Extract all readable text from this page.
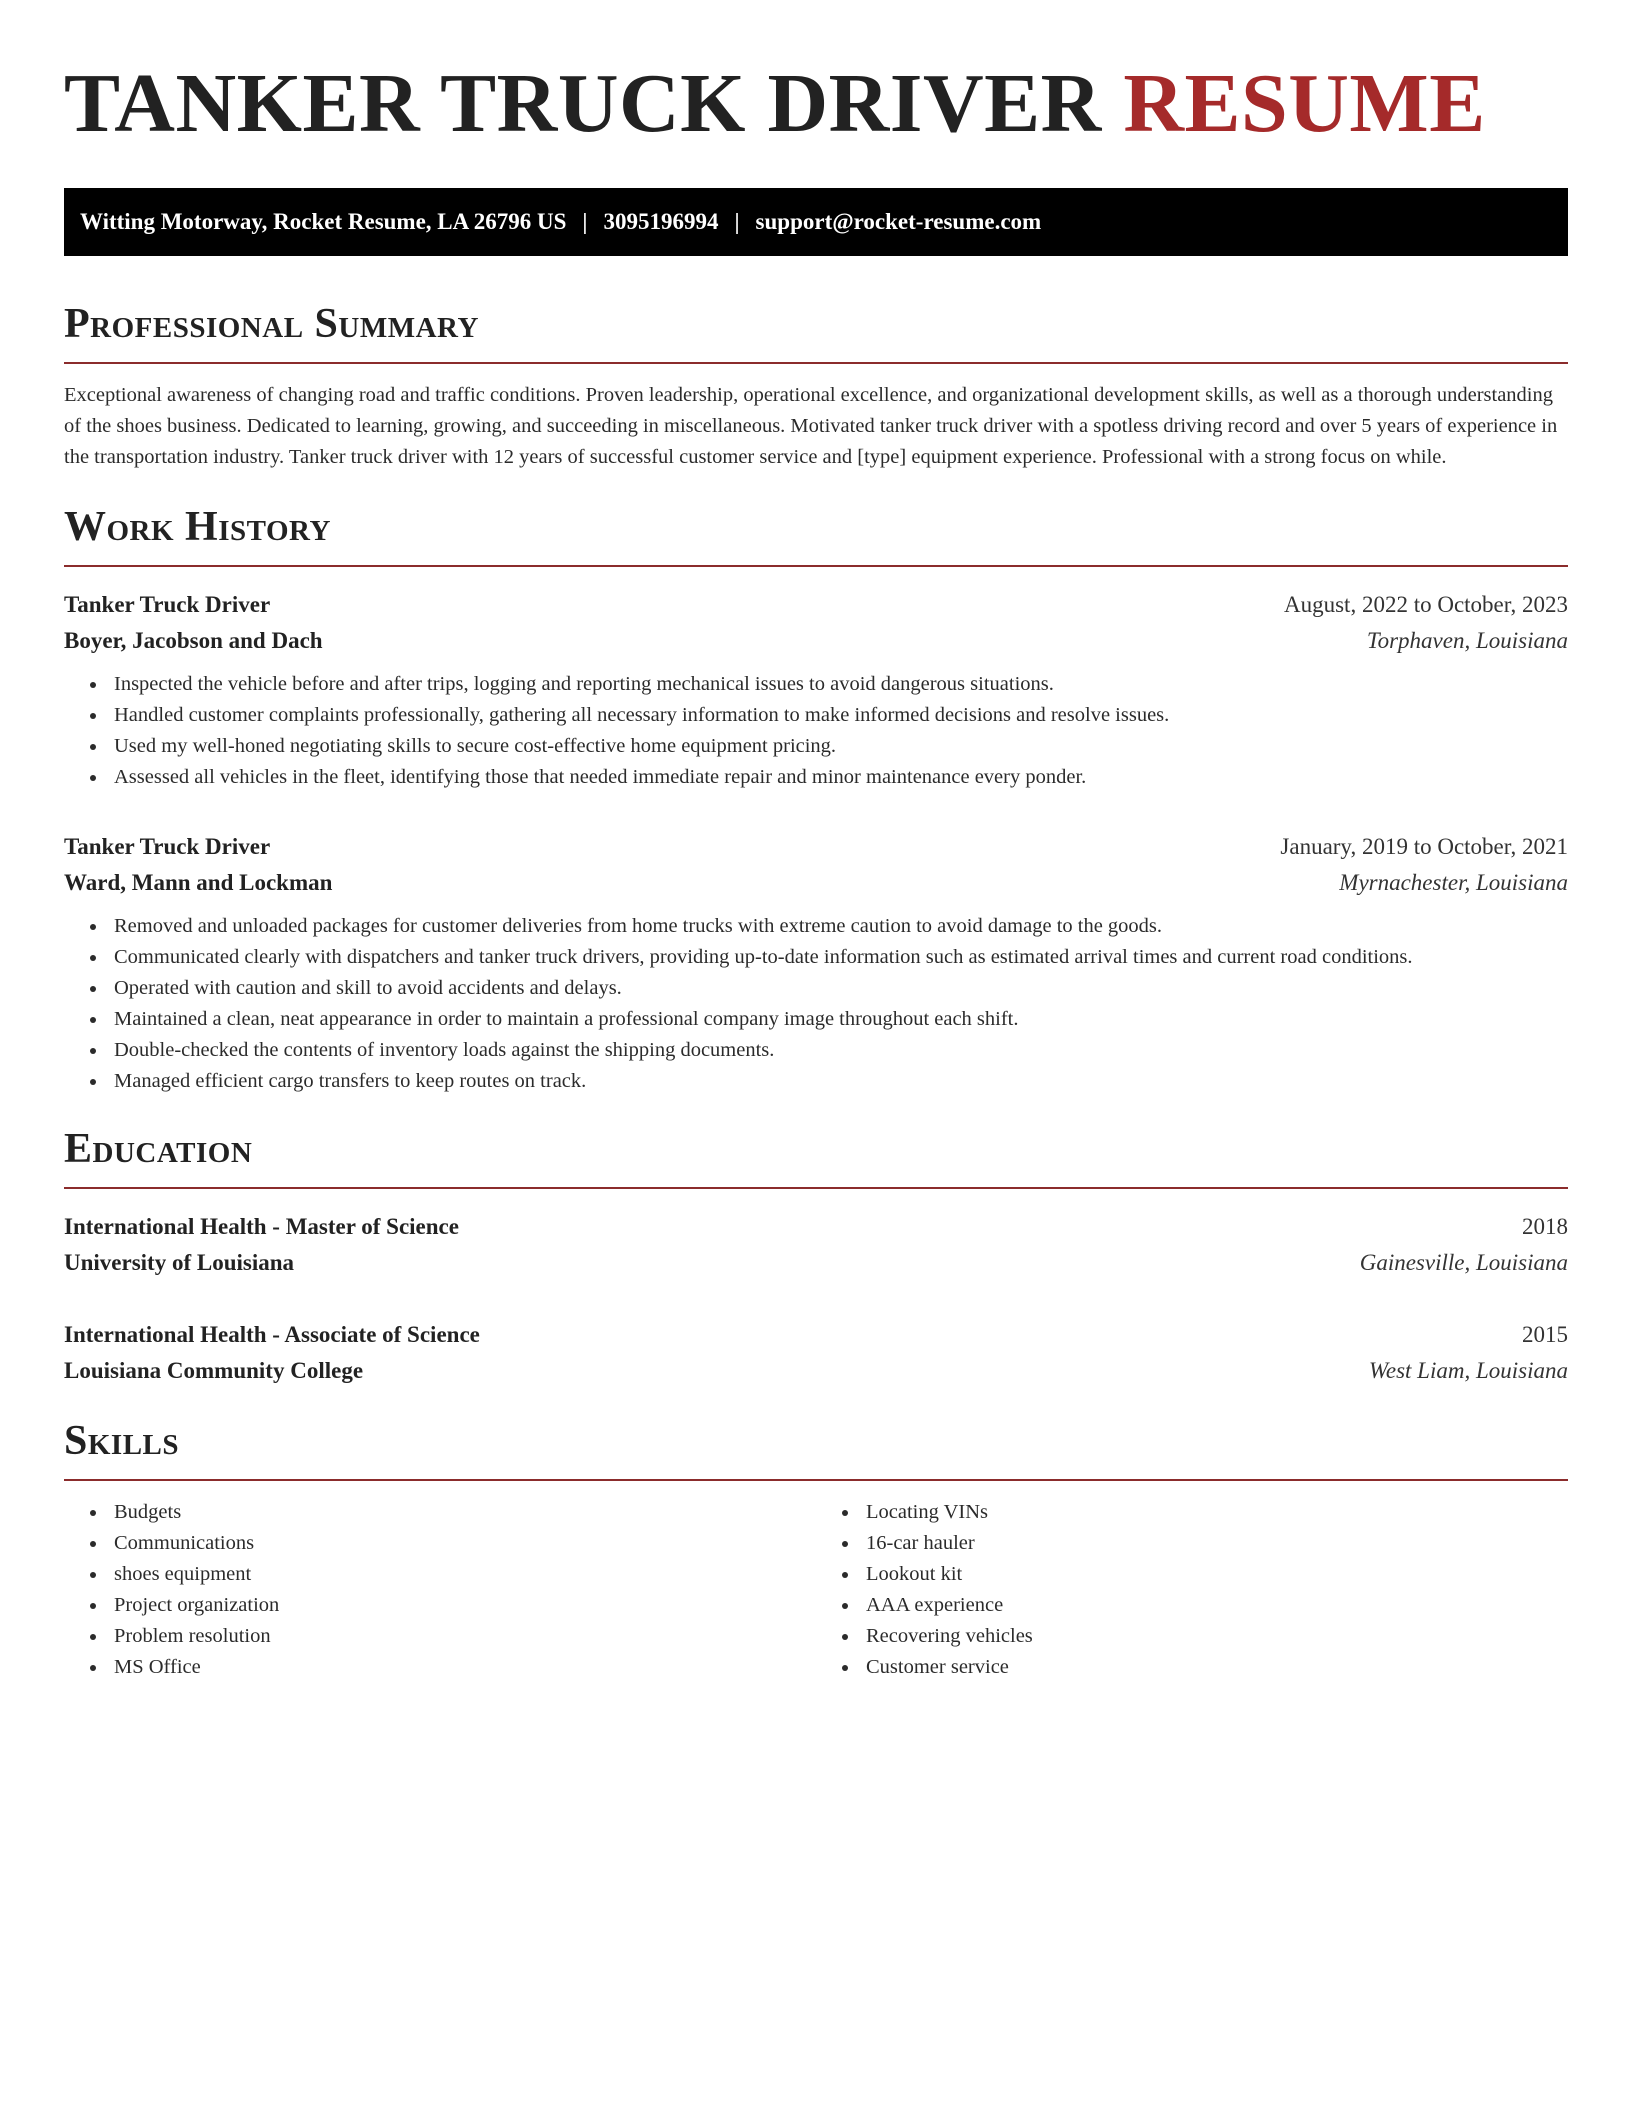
TANKER TRUCK DRIVER RESUME
Witting Motorway, Rocket Resume, LA 26796 US | 3095196994 | support@rocket-resume.com
Professional Summary

Exceptional awareness of changing road and traffic conditions. Proven leadership, operational excellence, and organizational development skills, as well as a thorough understanding of the shoes business. Dedicated to learning, growing, and succeeding in miscellaneous. Motivated tanker truck driver with a spotless driving record and over 5 years of experience in the transportation industry. Tanker truck driver with 12 years of successful customer service and [type] equipment experience. Professional with a strong focus on while.

Work History
Tanker Truck Driver	August, 2022 to October, 2023
Boyer, Jacobson and Dach	Torphaven, Louisiana
• Inspected the vehicle before and after trips, logging and reporting mechanical issues to avoid dangerous situations.
• Handled customer complaints professionally, gathering all necessary information to make informed decisions and resolve issues.
• Used my well-honed negotiating skills to secure cost-effective home equipment pricing.
• Assessed all vehicles in the fleet, identifying those that needed immediate repair and minor maintenance every ponder.
Tanker Truck Driver	January, 2019 to October, 2021
Ward, Mann and Lockman	Myrnachester, Louisiana
• Removed and unloaded packages for customer deliveries from home trucks with extreme caution to avoid damage to the goods.
• Communicated clearly with dispatchers and tanker truck drivers, providing up-to-date information such as estimated arrival times and current road conditions.
• Operated with caution and skill to avoid accidents and delays.
• Maintained a clean, neat appearance in order to maintain a professional company image throughout each shift.
• Double-checked the contents of inventory loads against the shipping documents.
• Managed efficient cargo transfers to keep routes on track.
Education
International Health - Master of Science	2018
University of Louisiana	Gainesville, Louisiana
International Health - Associate of Science	2015
Louisiana Community College	West Liam, Louisiana
Skills
• Budgets
• Communications
• shoes equipment
• Project organization
• Problem resolution
• MS Office
• Locating VINs
• 16-car hauler
• Lookout kit
• AAA experience
• Recovering vehicles
• Customer service
